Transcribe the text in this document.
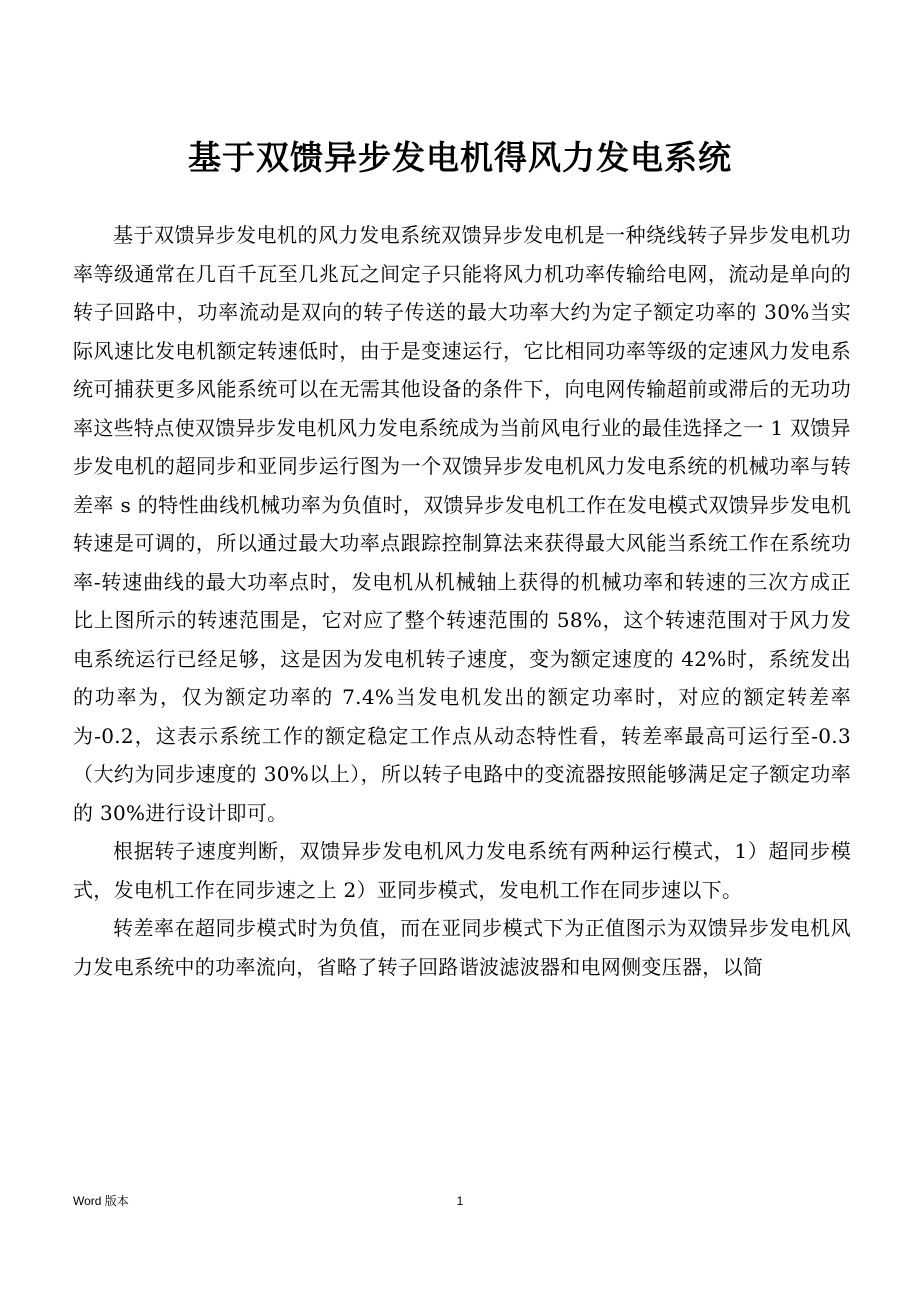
基于双馈异步发电机得风力发电系统

基于双馈异步发电机的风力发电系统双馈异步发电机是一种绕线转子异步发电机功率等级通常在几百千瓦至几兆瓦之间定子只能将风力机功率传输给电网，流动是单向的转子回路中，功率流动是双向的转子传送的最大功率大约为定子额定功率的 30%当实际风速比发电机额定转速低时，由于是变速运行，它比相同功率等级的定速风力发电系统可捕获更多风能系统可以在无需其他设备的条件下，向电网传输超前或滞后的无功功率这些特点使双馈异步发电机风力发电系统成为当前风电行业的最佳选择之一 1 双馈异步发电机的超同步和亚同步运行图为一个双馈异步发电机风力发电系统的机械功率与转差率 s 的特性曲线机械功率为负值时，双馈异步发电机工作在发电模式双馈异步发电机转速是可调的，所以通过最大功率点跟踪控制算法来获得最大风能当系统工作在系统功率-转速曲线的最大功率点时，发电机从机械轴上获得的机械功率和转速的三次方成正比上图所示的转速范围是，它对应了整个转速范围的 58%，这个转速范围对于风力发电系统运行已经足够，这是因为发电机转子速度，变为额定速度的 42%时，系统发出的功率为，仅为额定功率的 7.4%当发电机发出的额定功率时，对应的额定转差率为-0.2，这表示系统工作的额定稳定工作点从动态特性看，转差率最高可运行至-0.3（大约为同步速度的 30%以上），所以转子电路中的变流器按照能够满足定子额定功率的 30%进行设计即可。

根据转子速度判断，双馈异步发电机风力发电系统有两种运行模式，1）超同步模式，发电机工作在同步速之上 2）亚同步模式，发电机工作在同步速以下。

转差率在超同步模式时为负值，而在亚同步模式下为正值图示为双馈异步发电机风力发电系统中的功率流向，省略了转子回路谐波滤波器和电网侧变压器，以简

Word 版本	1
